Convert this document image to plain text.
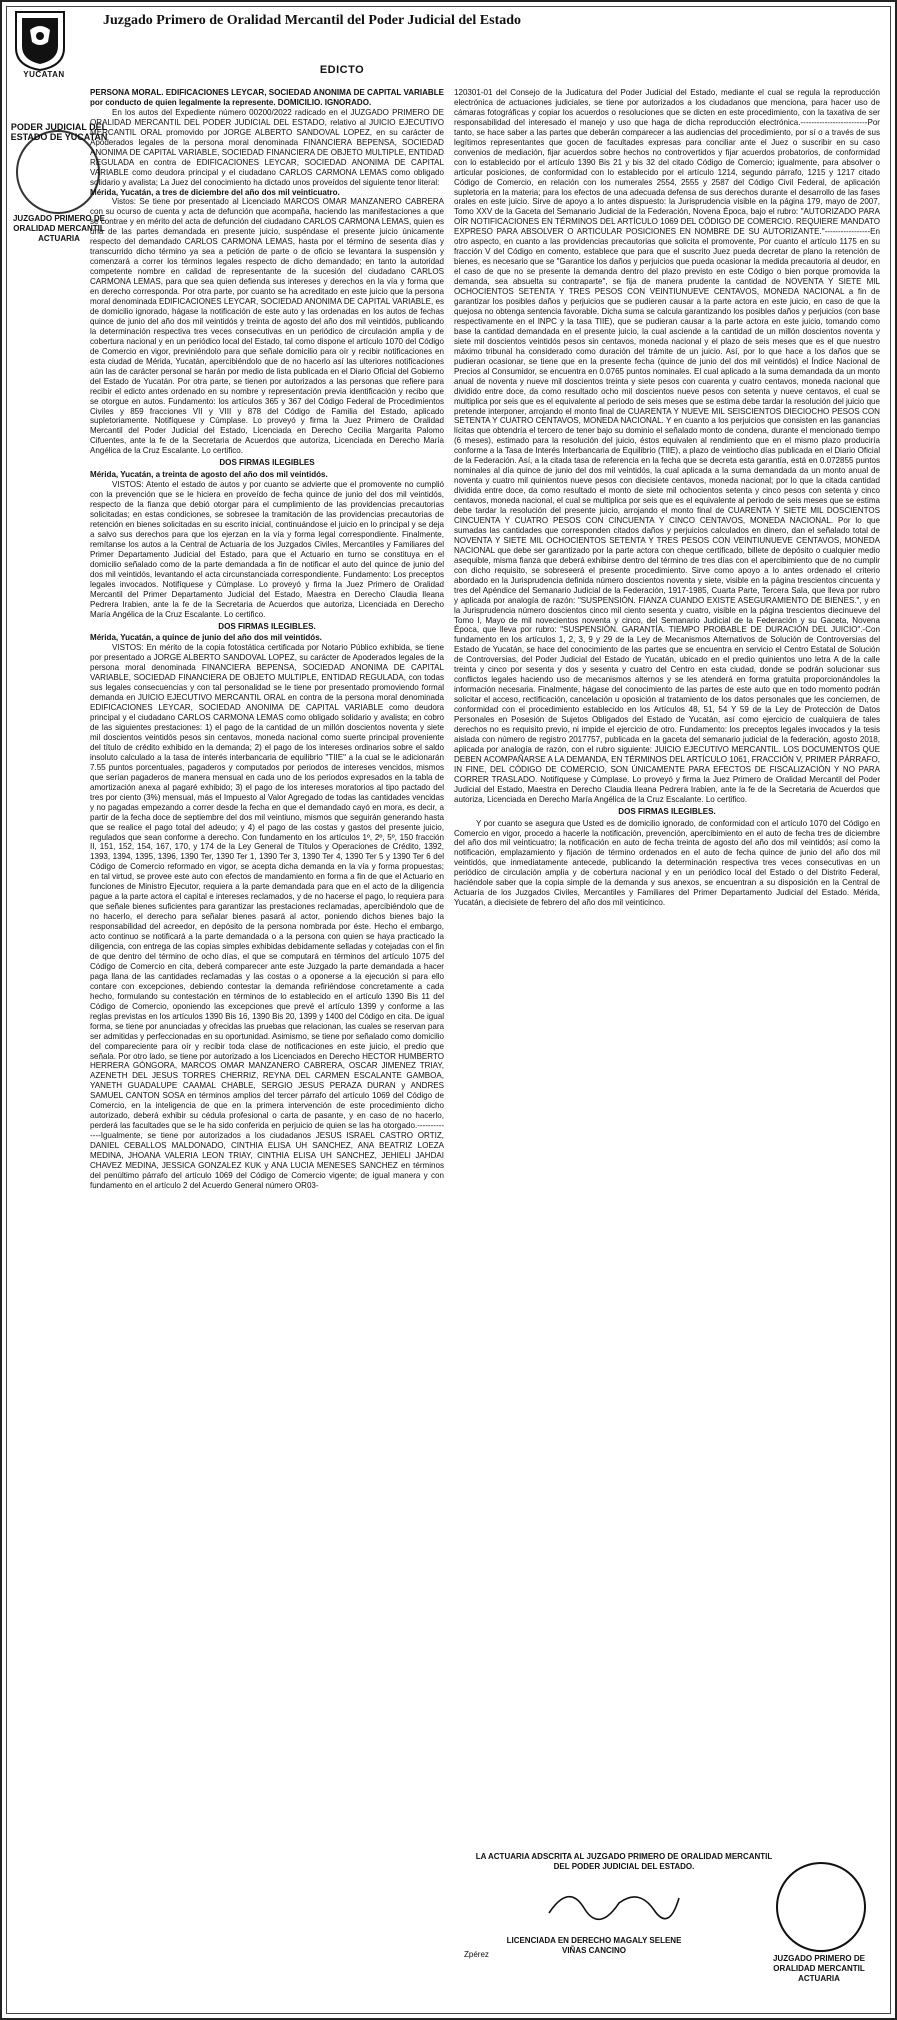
YUCATAN
Juzgado Primero de Oralidad Mercantil del Poder Judicial del Estado
EDICTO
PODER JUDICIAL DEL ESTADO DE YUCATAN
JUZGADO PRIMERO DE ORALIDAD MERCANTIL ACTUARIA

PERSONA MORAL. EDIFICACIONES LEYCAR, SOCIEDAD ANONIMA DE CAPITAL VARIABLE por conducto de quien legalmente la represente. DOMICILIO. IGNORADO.

En los autos del Expediente número 00200/2022 radicado en el JUZGADO PRIMERO DE ORALIDAD MERCANTIL DEL PODER JUDICIAL DEL ESTADO, relativo al JUICIO EJECUTIVO MERCANTIL ORAL promovido por JORGE ALBERTO SANDOVAL LOPEZ, en su carácter de Apoderados legales de la persona moral denominada FINANCIERA BEPENSA, SOCIEDAD ANONIMA DE CAPITAL VARIABLE, SOCIEDAD FINANCIERA DE OBJETO MULTIPLE, ENTIDAD REGULADA en contra de EDIFICACIONES LEYCAR, SOCIEDAD ANONIMA DE CAPITAL VARIABLE como deudora principal y el ciudadano CARLOS CARMONA LEMAS como obligado solidario y avalista; La Juez del conocimiento ha dictado unos proveídos del siguiente tenor literal:

Mérida, Yucatán, a tres de diciembre del año dos mil veinticuatro.

Vistos: Se tiene por presentado al Licenciado MARCOS OMAR MANZANERO CABRERA con su ocurso de cuenta y acta de defunción que acompaña, haciendo las manifestaciones a que se contrae y en mérito del acta de defunción del ciudadano CARLOS CARMONA LEMAS, quien es una de las partes demandada en presente juicio, suspéndase el presente juicio únicamente respecto del demandado CARLOS CARMONA LEMAS, hasta por el término de sesenta días y transcurrido dicho término ya sea a petición de parte o de oficio se levantara la suspensión y comenzará a correr los términos legales respecto de dicho demandado; en tanto la autoridad competente nombre en calidad de representante de la sucesión del ciudadano CARLOS CARMONA LEMAS, para que sea quien defienda sus intereses y derechos en la vía y forma que en derecho corresponda. Por otra parte, por cuanto se ha acreditado en este juicio que la persona moral denominada EDIFICACIONES LEYCAR, SOCIEDAD ANONIMA DE CAPITAL VARIABLE, es de domicilio ignorado, hágase la notificación de este auto y las ordenadas en los autos de fechas quince de junio del año dos mil veintidós y treinta de agosto del año dos mil veintidós, publicando la determinación respectiva tres veces consecutivas en un periódico de circulación amplia y de cobertura nacional y en un periódico local del Estado, tal como dispone el artículo 1070 del Código de Comercio en vigor, previniéndolo para que señale domicilio para oír y recibir notificaciones en esta ciudad de Mérida, Yucatán, apercibiéndolo que de no hacerlo así las ulteriores notificaciones aún las de carácter personal se harán por medio de lista publicada en el Diario Oficial del Gobierno del Estado de Yucatán. Por otra parte, se tienen por autorizados a las personas que refiere para recibir el edicto antes ordenado en su nombre y representación previa identificación y recibo que se otorgue en autos. Fundamento: los artículos 365 y 367 del Código Federal de Procedimientos Civiles y 859 fracciones VII y VIII y 878 del Código de Familia del Estado, aplicado supletoriamente. Notifíquese y Cúmplase. Lo proveyó y firma la Juez Primero de Oralidad Mercantil del Poder Judicial del Estado, Licenciada en Derecho Cecilia Margarita Palomo Cifuentes, ante la fe de la Secretaria de Acuerdos que autoriza, Licenciada en Derecho María Angélica de la Cruz Escalante. Lo certifico.

DOS FIRMAS ILEGIBLES

Mérida, Yucatán, a treinta de agosto del año dos mil veintidós.

VISTOS: Atento el estado de autos y por cuanto se advierte que el promovente no cumplió con la prevención que se le hiciera en proveído de fecha quince de junio del dos mil veintidós, respecto de la fianza que debió otorgar para el cumplimiento de las providencias precautorias solicitadas; en estas condiciones, se sobresee la tramitación de las providencias precautorias de retención en bienes solicitadas en su escrito inicial, continuándose el juicio en lo principal y se deja a salvo sus derechos para que los ejerzan en la vía y forma legal correspondiente. Finalmente, remítanse los autos a la Central de Actuaría de los Juzgados Civiles, Mercantiles y Familiares del Primer Departamento Judicial del Estado, para que el Actuario en turno se constituya en el domicilio señalado como de la parte demandada a fin de notificar el auto del quince de junio del dos mil veintidós, levantando el acta circunstanciada correspondiente. Fundamento: Los preceptos legales invocados. Notifíquese y Cúmplase. Lo proveyó y firma la Juez Primero de Oralidad Mercantil del Primer Departamento Judicial del Estado, Maestra en Derecho Claudia Ileana Pedrera Irabien, ante la fe de la Secretaria de Acuerdos que autoriza, Licenciada en Derecho María Angélica de la Cruz Escalante. Lo certifico.

DOS FIRMAS ILEGIBLES.

Mérida, Yucatán, a quince de junio del año dos mil veintidós.

VISTOS: En mérito de la copia fotostática certificada por Notario Público exhibida, se tiene por presentado a JORGE ALBERTO SANDOVAL LOPEZ, su carácter de Apoderados legales de la persona moral denominada FINANCIERA BEPENSA, SOCIEDAD ANONIMA DE CAPITAL VARIABLE, SOCIEDAD FINANCIERA DE OBJETO MULTIPLE, ENTIDAD REGULADA, con todas sus legales consecuencias y con tal personalidad se le tiene por presentado promoviendo formal demanda en JUICIO EJECUTIVO MERCANTIL ORAL en contra de la persona moral denominada EDIFICACIONES LEYCAR, SOCIEDAD ANONIMA DE CAPITAL VARIABLE como deudora principal y el ciudadano CARLOS CARMONA LEMAS como obligado solidario y avalista; en cobro de las siguientes prestaciones: 1) el pago de la cantidad de un millón doscientos noventa y siete mil doscientos veintidós pesos sin centavos, moneda nacional como suerte principal proveniente del título de crédito exhibido en la demanda; 2) el pago de los intereses ordinarios sobre el saldo insoluto calculado a la tasa de interés interbancaria de equilibrio "TIIE" a la cual se le adicionarán 7.55 puntos porcentuales, pagaderos y computados por periodos de intereses vencidos, mismos que serían pagaderos de manera mensual en cada uno de los periodos expresados en la tabla de amortización anexa al pagaré exhibido; 3) el pago de los intereses moratorios al tipo pactado del tres por ciento (3%) mensual, más el Impuesto al Valor Agregado de todas las cantidades vencidas y no pagadas empezando a correr desde la fecha en que el demandado cayó en mora, es decir, a partir de la fecha doce de septiembre del dos mil veintiuno, mismos que seguirán generando hasta que se realice el pago total del adeudo; y 4) el pago de las costas y gastos del presente juicio, regulados que sean conforme a derecho. Con fundamento en los artículos 1º, 2º, 5º, 150 fracción II, 151, 152, 154, 167, 170, y 174 de la Ley General de Títulos y Operaciones de Crédito, 1392, 1393, 1394, 1395, 1396, 1390 Ter, 1390 Ter 1, 1390 Ter 3, 1390 Ter 4, 1390 Ter 5 y 1390 Ter 6 del Código de Comercio reformado en vigor, se acepta dicha demanda en la vía y forma propuestas; en tal virtud, se provee este auto con efectos de mandamiento en forma a fin de que el Actuario en funciones de Ministro Ejecutor, requiera a la parte demandada para que en el acto de la diligencia pague a la parte actora el capital e intereses reclamados, y de no hacerse el pago, lo requiera para que señale bienes suficientes para garantizar las prestaciones reclamadas, apercibiéndolo que de no hacerlo, el derecho para señalar bienes pasará al actor, poniendo dichos bienes bajo la responsabilidad del acreedor, en depósito de la persona nombrada por éste. Hecho el embargo, acto continuo se notificará a la parte demandada o a la persona con quien se haya practicado la diligencia, con entrega de las copias simples exhibidas debidamente selladas y cotejadas con el fin de que dentro del término de ocho días, el que se computará en términos del artículo 1075 del Código de Comercio en cita, deberá comparecer ante este Juzgado la parte demandada a hacer paga llana de las cantidades reclamadas y las costas o a oponerse a la ejecución si para ello contare con excepciones, debiendo contestar la demanda refiriéndose concretamente a cada hecho, formulando su contestación en términos de lo establecido en el artículo 1390 Bis 11 del Código de Comercio, oponiendo las excepciones que prevé el artículo 1399 y conforme a las reglas previstas en los artículos 1390 Bis 16, 1390 Bis 20, 1399 y 1400 del Código en cita. De igual forma, se tiene por anunciadas y ofrecidas las pruebas que relacionan, las cuales se reservan para ser admitidas y perfeccionadas en su oportunidad. Asimismo, se tiene por señalado como domicilio del compareciente para oír y recibir toda clase de notificaciones en este juicio, el predio que señala. Por otro lado, se tiene por autorizado a los Licenciados en Derecho HECTOR HUMBERTO HERRERA GÓNGORA, MARCOS OMAR MANZANERO CABRERA, OSCAR JIMENEZ TRIAY, AZENETH DEL JESUS TORRES CHERRIZ, REYNA DEL CARMEN ESCALANTE GAMBOA, YANETH GUADALUPE CAAMAL CHABLE, SERGIO JESUS PERAZA DURAN y ANDRES SAMUEL CANTON SOSA en términos amplios del tercer párrafo del artículo 1069 del Código de Comercio, en la inteligencia de que en la primera intervención de este procedimiento dicho autorizado, deberá exhibir su cédula profesional o carta de pasante, y en caso de no hacerlo, perderá las facultades que se le ha sido conferida en perjuicio de quien se las ha otorgado.--------------Igualmente, se tiene por autorizados a los ciudadanos JESUS ISRAEL CASTRO ORTIZ, DANIEL CEBALLOS MALDONADO, CINTHIA ELISA UH SANCHEZ, ANA BEATRIZ LOEZA MEDINA, JHOANA VALERIA LEON TRIAY, CINTHIA ELISA UH SANCHEZ, JEHIELI JAHDAI CHAVEZ MEDINA, JESSICA GONZALEZ KUK y ANA LUCIA MENESES SANCHEZ en términos del penúltimo párrafo del artículo 1069 del Código de Comercio vigente; de igual manera y con fundamento en el artículo 2 del Acuerdo General número OR03-

120301-01 del Consejo de la Judicatura del Poder Judicial del Estado, mediante el cual se regula la reproducción electrónica de actuaciones judiciales, se tiene por autorizados a los ciudadanos que menciona, para hacer uso de cámaras fotográficas y copiar los acuerdos o resoluciones que se dicten en este procedimiento, con la taxativa de ser responsabilidad del interesado el manejo y uso que haga de dicha reproducción electrónica.-------------------------Por tanto, se hace saber a las partes que deberán comparecer a las audiencias del procedimiento, por sí o a través de sus legítimos representantes que gocen de facultades expresas para conciliar ante el Juez o suscribir en su caso convenios de mediación, fijar acuerdos sobre hechos no controvertidos y fijar acuerdos probatorios, de conformidad con lo establecido por el artículo 1390 Bis 21 y bis 32 del citado Código de Comercio; igualmente, para absolver o articular posiciones, de conformidad con lo establecido por el artículo 1214, segundo párrafo, 1215 y 1217 citado Código de Comercio, en relación con los numerales 2554, 2555 y 2587 del Código Civil Federal, de aplicación supletoria en la materia; para los efectos de una adecuada defensa de sus derechos durante el desarrollo de las fases orales en este juicio. Sirve de apoyo a lo antes dispuesto: la Jurisprudencia visible en la página 179, mayo de 2007, Tomo XXV de la Gaceta del Semanario Judicial de la Federación, Novena Época, bajo el rubro: "AUTORIZADO PARA OÍR NOTIFICACIONES EN TÉRMINOS DEL ARTÍCULO 1069 DEL CÓDIGO DE COMERCIO. REQUIERE MANDATO EXPRESO PARA ABSOLVER O ARTICULAR POSICIONES EN NOMBRE DE SU AUTORIZANTE."-----------------En otro aspecto, en cuanto a las providencias precautorias que solicita el promovente, Por cuanto el artículo 1175 en su fracción V del Código en comento, establece que para que el suscrito Juez pueda decretar de plano la retención de bienes, es necesario que se "Garantice los daños y perjuicios que pueda ocasionar la medida precautoria al deudor, en el caso de que no se presente la demanda dentro del plazo previsto en este Código o bien porque promovida la demanda, sea absuelta su contraparte", se fija de manera prudente la cantidad de NOVENTA Y SIETE MIL OCHOCIENTOS SETENTA Y TRES PESOS CON VEINTIUNUEVE CENTAVOS, MONEDA NACIONAL a fin de garantizar los posibles daños y perjuicios que se pudieren causar a la parte actora en este juicio, en caso de que la quejosa no obtenga sentencia favorable. Dicha suma se calcula garantizando los posibles daños y perjuicios (con base respectivamente en el INPC y la tasa TIIE), que se pudieran causar a la parte actora en este juicio, tomando como base la cantidad demandada en el presente juicio, la cual asciende a la cantidad de un millón doscientos noventa y siete mil doscientos veintidós pesos sin centavos, moneda nacional y el plazo de seis meses que es el que nuestro máximo tribunal ha considerado como duración del trámite de un juicio. Así, por lo que hace a los daños que se pudieran ocasionar, se tiene que en la presente fecha (quince de junio del dos mil veintidós) el Índice Nacional de Precios al Consumidor, se encuentra en 0.0765 puntos nominales. El cual aplicado a la suma demandada da un monto anual de noventa y nueve mil doscientos treinta y siete pesos con cuarenta y cuatro centavos, moneda nacional que dividido entre doce, da como resultado ocho mil doscientos nueve pesos con setenta y nueve centavos, el cual se multiplica por seis que es el equivalente al periodo de seis meses que se estima debe tardar la resolución del juicio que pretende interponer, arrojando el monto final de CUARENTA Y NUEVE MIL SEISCIENTOS DIECIOCHO PESOS CON SETENTA Y CUATRO CENTAVOS, MONEDA NACIONAL. Y en cuanto a los perjuicios que consisten en las ganancias lícitas que obtendría el tercero de tener bajo su dominio el señalado monto de condena, durante el mencionado tiempo (6 meses), estimado para la resolución del juicio, éstos equivalen al rendimiento que en el mismo plazo produciría conforme a la Tasa de Interés Interbancaria de Equilibrio (TIIE), a plazo de veintiocho días publicada en el Diario Oficial de la Federación. Así, a la citada tasa de referencia en la fecha que se decreta esta garantía, está en 0.072855 puntos nominales al día quince de junio del dos mil veintidós, la cual aplicada a la suma demandada da un monto anual de noventa y cuatro mil quinientos nueve pesos con diecisiete centavos, moneda nacional; por lo que la citada cantidad dividida entre doce, da como resultado el monto de siete mil ochocientos setenta y cinco pesos con setenta y cinco centavos, moneda nacional, el cual se multiplica por seis que es el equivalente al periodo de seis meses que se estima debe tardar la resolución del presente juicio, arrojando el monto final de CUARENTA Y SIETE MIL DOSCIENTOS CINCUENTA Y CUATRO PESOS CON CINCUENTA Y CINCO CENTAVOS, MONEDA NACIONAL. Por lo que sumadas las cantidades que corresponden citados daños y perjuicios calculados en dinero, dan el señalado total de NOVENTA Y SIETE MIL OCHOCIENTOS SETENTA Y TRES PESOS CON VEINTIUNUEVE CENTAVOS, MONEDA NACIONAL que debe ser garantizado por la parte actora con cheque certificado, billete de depósito o cualquier medio asequible, misma fianza que deberá exhibirse dentro del término de tres días con el apercibimiento que de no cumplir con dicho requisito, se sobreseerá el presente procedimiento. Sirve como apoyo a lo antes ordenado el criterio abordado en la Jurisprudencia definida número doscientos noventa y siete, visible en la página trescientos cincuenta y tres del Apéndice del Semanario Judicial de la Federación, 1917-1985, Cuarta Parte, Tercera Sala, que lleva por rubro y aplicada por analogía de razón: "SUSPENSIÓN. FIANZA CUANDO EXISTE ASEGURAMIENTO DE BIENES.", y en la Jurisprudencia número doscientos cinco mil ciento sesenta y cuatro, visible en la página trescientos diecinueve del Tomo I, Mayo de mil novecientos noventa y cinco, del Semanario Judicial de la Federación y su Gaceta, Novena Época, que lleva por rubro: "SUSPENSIÓN. GARANTÍA. TIEMPO PROBABLE DE DURACIÓN DEL JUICIO".-Con fundamento en los artículos 1, 2, 3, 9 y 29 de la Ley de Mecanismos Alternativos de Solución de Controversias del Estado de Yucatán, se hace del conocimiento de las partes que se encuentra en servicio el Centro Estatal de Solución de Controversias, del Poder Judicial del Estado de Yucatán, ubicado en el predio quinientos uno letra A de la calle treinta y cinco por sesenta y dos y sesenta y cuatro del Centro en esta ciudad, donde se podrán solucionar sus conflictos legales haciendo uso de mecanismos alternos y se les atenderá en forma gratuita proporcionándoles la información necesaria. Finalmente, hágase del conocimiento de las partes de este auto que en todo momento podrán solicitar el acceso, rectificación, cancelación u oposición al tratamiento de los datos personales que les conciernen, de conformidad con el procedimiento establecido en los Artículos 48, 51, 54 Y 59 de la Ley de Protección de Datos Personales en Posesión de Sujetos Obligados del Estado de Yucatán, así como ejercicio de cualquiera de tales derechos no es requisito previo, ni impide el ejercicio de otro. Fundamento: los preceptos legales invocados y la tesis aislada con número de registro 2017757, publicada en la gaceta del semanario judicial de la federación, agosto 2018, aplicada por analogía de razón, con el rubro siguiente: JUICIO EJECUTIVO MERCANTIL. LOS DOCUMENTOS QUE DEBEN ACOMPAÑARSE A LA DEMANDA, EN TÉRMINOS DEL ARTÍCULO 1061, FRACCIÓN V, PRIMER PÁRRAFO, IN FINE, DEL CÓDIGO DE COMERCIO, SON ÚNICAMENTE PARA EFECTOS DE FISCALIZACIÓN Y NO PARA CORRER TRASLADO. Notifíquese y Cúmplase. Lo proveyó y firma la Juez Primero de Oralidad Mercantil del Poder Judicial del Estado, Maestra en Derecho Claudia Ileana Pedrera Irabien, ante la fe de la Secretaria de Acuerdos que autoriza, Licenciada en Derecho María Angélica de la Cruz Escalante. Lo certifico.

DOS FIRMAS ILEGIBLES.

Y por cuanto se asegura que Usted es de domicilio ignorado, de conformidad con el artículo 1070 del Código en Comercio en vigor, procedo a hacerle la notificación, prevención, apercibimiento en el auto de fecha tres de diciembre del año dos mil veinticuatro; la notificación en auto de fecha treinta de agosto del año dos mil veintidós; así como la notificación, emplazamiento y fijación de término ordenados en el auto de fecha quince de junio del año dos mil veintidós, que inmediatamente antecede, publicando la determinación respectiva tres veces consecutivas en un periódico de circulación amplia y de cobertura nacional y en un periódico local del Estado o del Distrito Federal, haciéndole saber que la copia simple de la demanda y sus anexos, se encuentran a su disposición en la Central de Actuaría de los Juzgados Civiles, Mercantiles y Familiares del Primer Departamento Judicial del Estado. Mérida, Yucatán, a diecisiete de febrero del año dos mil veinticinco.

LA ACTUARIA ADSCRITA AL JUZGADO PRIMERO DE ORALIDAD MERCANTIL DEL PODER JUDICIAL DEL ESTADO.
LICENCIADA EN DERECHO MAGALY SELENE VIÑAS CANCINO
Zpérez	JUZGADO PRIMERO DE ORALIDAD MERCANTIL ACTUARIA
